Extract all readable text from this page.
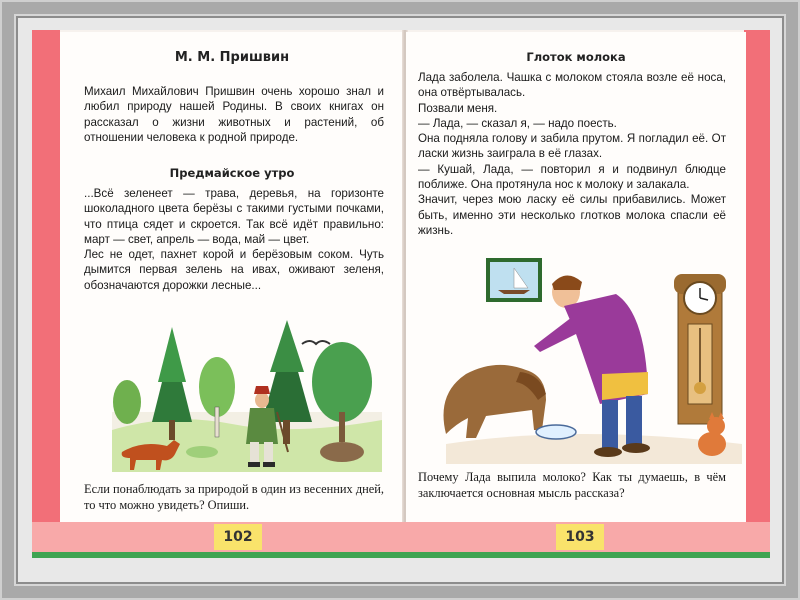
М. М. Пришвин

Михаил Михайлович Пришвин очень хорошо знал и любил природу нашей Родины. В своих книгах он рассказал о жизни животных и растений, об отношении человека к родной природе.

Предмайское утро

...Всё зеленеет — трава, деревья, на горизонте шоколадного цвета берёзы с такими густыми почками, что птица сядет и скроется. Так всё идёт правильно: март — свет, апрель — вода, май — цвет.
Лес не одет, пахнет корой и берёзовым соком. Чуть дымится первая зелень на ивах, оживают зеленя, обозначаются дорожки лесные...

Если понаблюдать за природой в один из весенних дней, то что можно увидеть? Опиши.

Глоток молока

Лада заболела. Чашка с молоком стояла возле её носа, она отвёртывалась.
Позвали меня.
— Лада, — сказал я, — надо поесть.
Она подняла голову и забила прутом. Я погладил её. От ласки жизнь заиграла в её глазах.
— Кушай, Лада, — повторил я и подвинул блюдце поближе. Она протянула нос к молоку и залакала.
Значит, через мою ласку её силы прибавились. Может быть, именно эти несколько глотков молока спасли её жизнь.

Почему Лада выпила молоко? Как ты думаешь, в чём заключается основная мысль рассказа?

102	103
